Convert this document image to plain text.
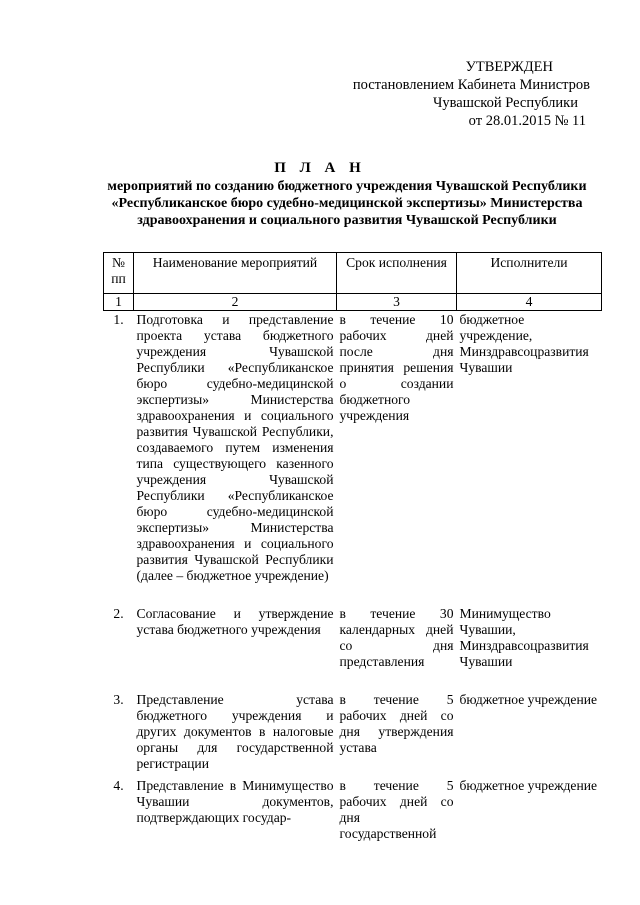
УТВЕРЖДЕН
постановлением Кабинета Министров
Чувашской Республики
от 28.01.2015 № 11
П Л А Н
мероприятий по созданию бюджетного учреждения Чувашской Республики
«Республиканское бюро судебно-медицинской экспертизы» Министерства
здравоохранения и социального развития Чувашской Республики
№ пп	Наименование мероприятий	Срок исполнения	Исполнители
1	2	3	4
1.	Подготовка и представление проекта устава бюджетного учреждения Чувашской Республики «Республиканское бюро судебно-медицинской экспертизы» Министерства здравоохранения и социального развития Чувашской Республики, создаваемого путем изменения типа существующего казенного учреждения Чувашской Республики «Республиканское бюро судебно-медицинской экспертизы» Министерства здравоохранения и социального развития Чувашской Республики (далее – бюджетное учреждение)	в течение 10 рабочих дней после дня принятия решения о создании бюджетного учреждения	бюджетное учреждение, Минздравсоцразвития Чувашии
2.	Согласование и утверждение устава бюджетного учреждения	в течение 30 календарных дней со дня представления	Минимущество Чувашии, Минздравсоцразвития Чувашии
3.	Представление устава бюджетного учреждения и других документов в налоговые органы для государственной регистрации	в течение 5 рабочих дней со дня утверждения устава	бюджетное учреждение
4.	Представление в Минимущество Чувашии документов, подтверждающих государ-	в течение 5 рабочих дней со дня государственной	бюджетное учреждение
